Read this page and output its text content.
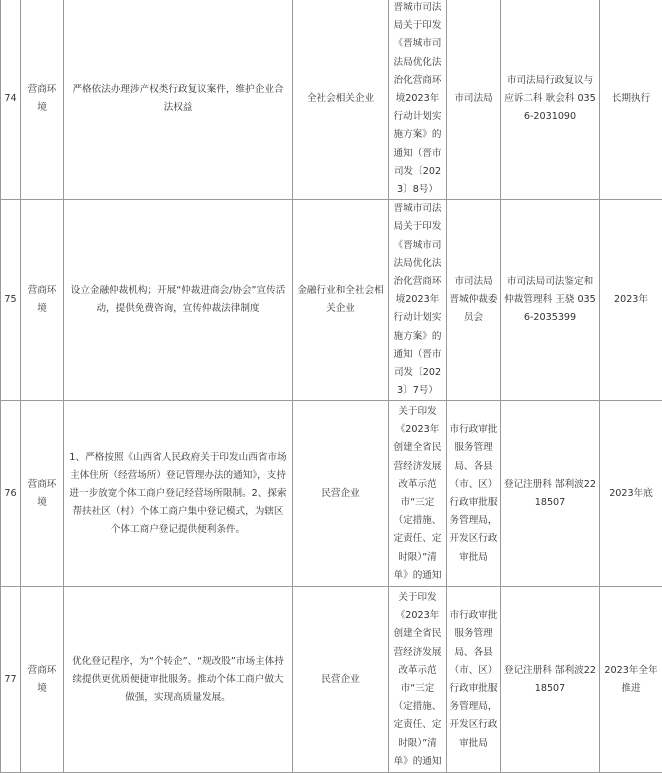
74	营商环境	严格依法办理涉产权类行政复议案件，维护企业合法权益	全社会相关企业	晋城市司法局关于印发《晋城市司法局优化法治化营商环境2023年行动计划实施方案》的通知（晋市司发〔2023〕8号）	市司法局	市司法局行政复议与应诉二科 耿会科 0356-2031090	长期执行
75	营商环境	设立金融仲裁机构；开展“仲裁进商会/协会”宣传活动，提供免费咨询，宣传仲裁法律制度	金融行业和全社会相关企业	晋城市司法局关于印发《晋城市司法局优化法治化营商环境2023年行动计划实施方案》的通知（晋市司发〔2023〕7号）	市司法局 晋城仲裁委员会	市司法局司法鉴定和仲裁管理科 王骁 0356-2035399	2023年
76	营商环境	1、严格按照《山西省人民政府关于印发山西省市场主体住所（经营场所）登记管理办法的通知》，支持进一步放宽个体工商户登记经营场所限制。2、探索帮扶社区（村）个体工商户集中登记模式，为辖区个体工商户登记提供便利条件。	民营企业	关于印发《2023年创建全省民营经济发展改革示范市“三定（定措施、定责任、定时限）”清单》的通知	市行政审批服务管理局、各县（市、区）行政审批服务管理局，开发区行政审批局	登记注册科 郜利波2218507	2023年底
77	营商环境	优化登记程序，为“个转企”、“规改股”市场主体持续提供更优质便捷审批服务。推动个体工商户做大做强，实现高质量发展。	民营企业	关于印发《2023年创建全省民营经济发展改革示范市“三定（定措施、定责任、定时限）”清单》的通知	市行政审批服务管理局、各县（市、区）行政审批服务管理局，开发区行政审批局	登记注册科 郜利波2218507	2023年全年推进
